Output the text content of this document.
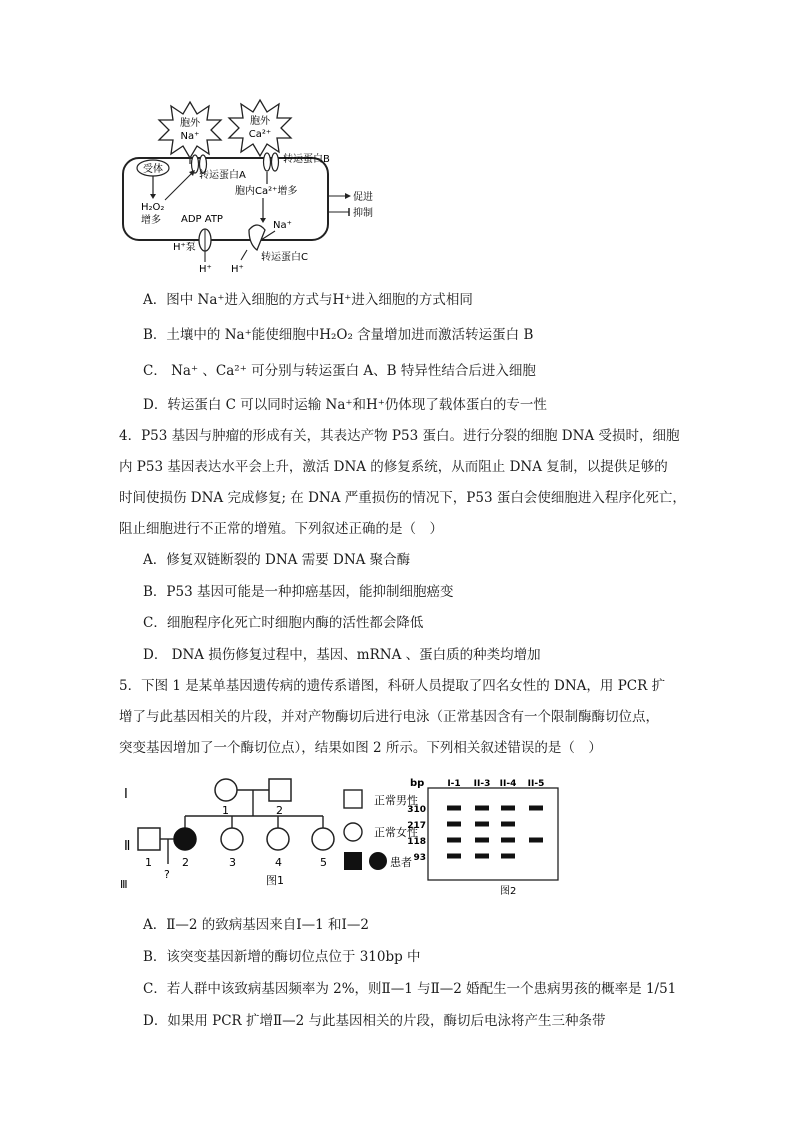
胞外
Na⁺
胞外
Ca²⁺
受体
转运蛋白A
转运蛋白B
H₂O₂
增多
胞内Ca²⁺增多
ADP ATP
H⁺泵
H⁺
Na⁺
H⁺
转运蛋白C
促进
抑制
A．图中 Na⁺进入细胞的方式与H⁺进入细胞的方式相同
B．土壤中的 Na⁺能使细胞中H₂O₂ 含量增加进而激活转运蛋白 B
C． Na⁺ 、Ca²⁺ 可分别与转运蛋白 A、B 特异性结合后进入细胞
D．转运蛋白 C 可以同时运输 Na⁺和H⁺仍体现了载体蛋白的专一性
4．P53 基因与肿瘤的形成有关，其表达产物 P53 蛋白。进行分裂的细胞 DNA 受损时，细胞
内 P53 基因表达水平会上升，激活 DNA 的修复系统，从而阻止 DNA 复制，以提供足够的
时间使损伤 DNA 完成修复; 在 DNA 严重损伤的情况下，P53 蛋白会使细胞进入程序化死亡，
阻止细胞进行不正常的增殖。下列叙述正确的是（　）
A．修复双链断裂的 DNA 需要 DNA 聚合酶
B．P53 基因可能是一种抑癌基因，能抑制细胞癌变
C．细胞程序化死亡时细胞内酶的活性都会降低
D． DNA 损伤修复过程中，基因、mRNA 、蛋白质的种类均增加
5．下图 1 是某单基因遗传病的遗传系谱图，科研人员提取了四名女性的 DNA，用 PCR 扩
增了与此基因相关的片段，并对产物酶切后进行电泳（正常基因含有一个限制酶酶切位点，
突变基因增加了一个酶切位点），结果如图 2 所示。下列相关叙述错误的是（　）
Ⅰ
Ⅱ
Ⅲ
1	2
1	2	3	4	5
?
正常男性
正常女性
患者
图1
bp	I-1 II-3 II-4 II-5
310
217
118
93
图2
A．Ⅱ—2 的致病基因来自Ⅰ—1 和Ⅰ—2
B．该突变基因新增的酶切位点位于 310bp 中
C．若人群中该致病基因频率为 2%，则Ⅱ—1 与Ⅱ—2 婚配生一个患病男孩的概率是 1/51
D．如果用 PCR 扩增Ⅱ—2 与此基因相关的片段，酶切后电泳将产生三种条带
